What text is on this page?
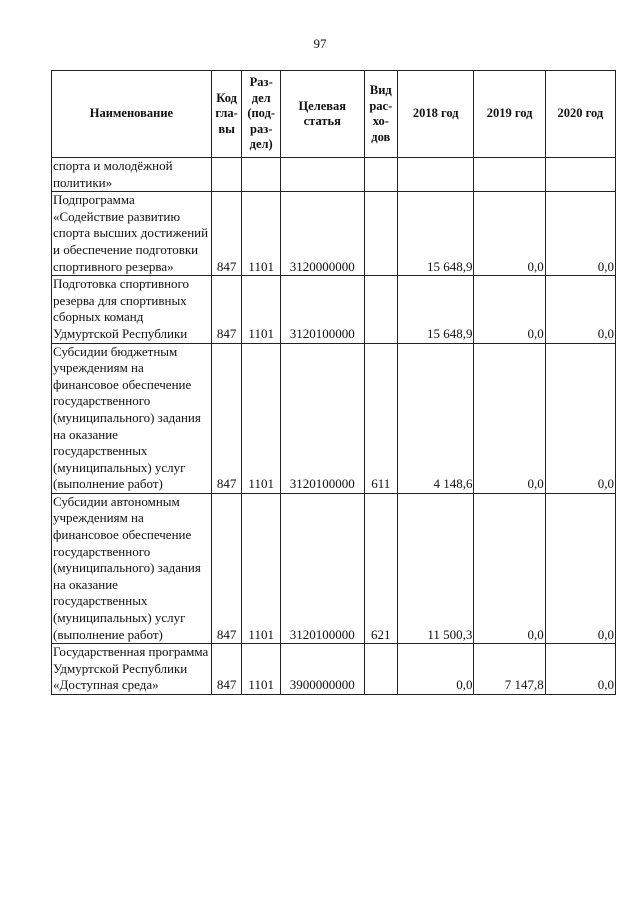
97
Наименование	Код гла-вы	Раз-дел (под-раз-дел)	Целевая статья	Вид рас-хо-дов	2018 год	2019 год	2020 год
спорта и молодёжной политики»							
Подпрограмма «Содействие развитию спорта высших достижений и обеспечение подготовки спортивного резерва»	847	1101	3120000000		15 648,9	0,0	0,0
Подготовка спортивного резерва для спортивных сборных команд Удмуртской Республики	847	1101	3120100000		15 648,9	0,0	0,0
Субсидии бюджетным учреждениям на финансовое обеспечение государственного (муниципального) задания на оказание государственных (муниципальных) услуг (выполнение работ)	847	1101	3120100000	611	4 148,6	0,0	0,0
Субсидии автономным учреждениям на финансовое обеспечение государственного (муниципального) задания на оказание государственных (муниципальных) услуг (выполнение работ)	847	1101	3120100000	621	11 500,3	0,0	0,0
Государственная программа Удмуртской Республики «Доступная среда»	847	1101	3900000000		0,0	7 147,8	0,0
